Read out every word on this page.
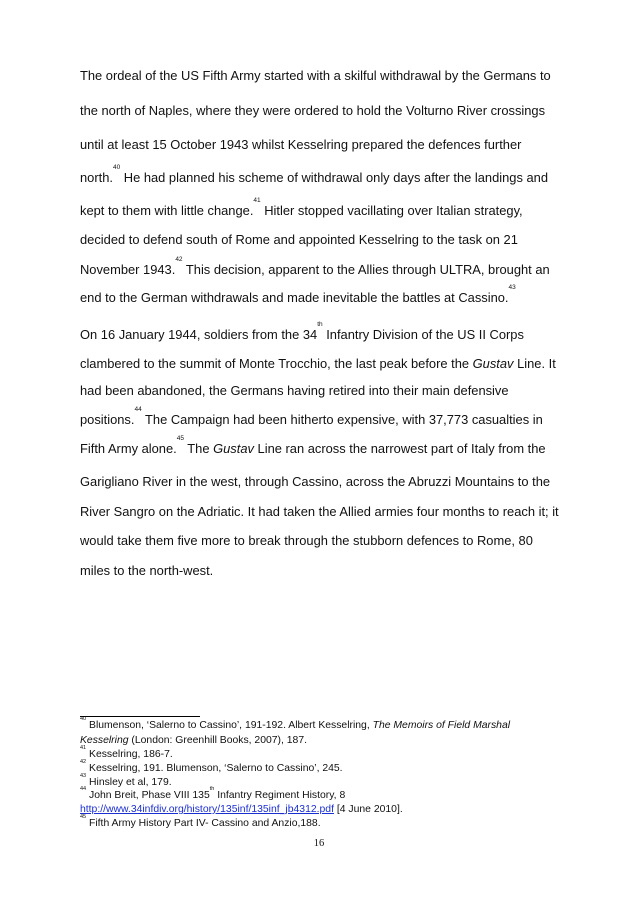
The ordeal of the US Fifth Army started with a skilful withdrawal by the Germans to
the north of Naples, where they were ordered to hold the Volturno River crossings
until at least 15 October 1943 whilst Kesselring prepared the defences further
north.$^{40}$ He had planned his scheme of withdrawal only days after the landings and
kept to them with little change.$^{41}$ Hitler stopped vacillating over Italian strategy,
decided to defend south of Rome and appointed Kesselring to the task on 21
November 1943.42 This decision, apparent to the Allies through ULTRA, brought an
end to the German withdrawals and made inevitable the battles at Cassino.$^{43}$
On 16 January 1944, soldiers from the 34th Infantry Division of the US II Corps
clambered to the summit of Monte Trocchio, the last peak before the Gustav Line. It
had been abandoned, the Germans having retired into their main defensive
positions.$^{44}$ The Campaign had been hitherto expensive, with 37,773 casualties in
Fifth Army alone.$^{45}$ The Gustav Line ran across the narrowest part of Italy from the
Garigliano River in the west, through Cassino, across the Abruzzi Mountains to the
River Sangro on the Adriatic. It had taken the Allied armies four months to reach it; it
would take them five more to break through the stubborn defences to Rome, 80
miles to the north-west.
$^{40}$ Blumenson, ‘Salerno to Cassino’, 191-192. Albert Kesselring, The Memoirs of Field Marshal
Kesselring (London: Greenhill Books, 2007), 187.
$^{41}$ Kesselring, 186-7.
$^{42}$ Kesselring, 191. Blumenson, ‘Salerno to Cassino’, 245.
$^{43}$ Hinsley et al, 179.
$^{44}$ John Breit, Phase VIII 135th Infantry Regiment History, 8
http://www.34infdiv.org/history/135inf/135inf_jb4312.pdf [4 June 2010].
$^{45}$ Fifth Army History Part IV- Cassino and Anzio,188.
16
